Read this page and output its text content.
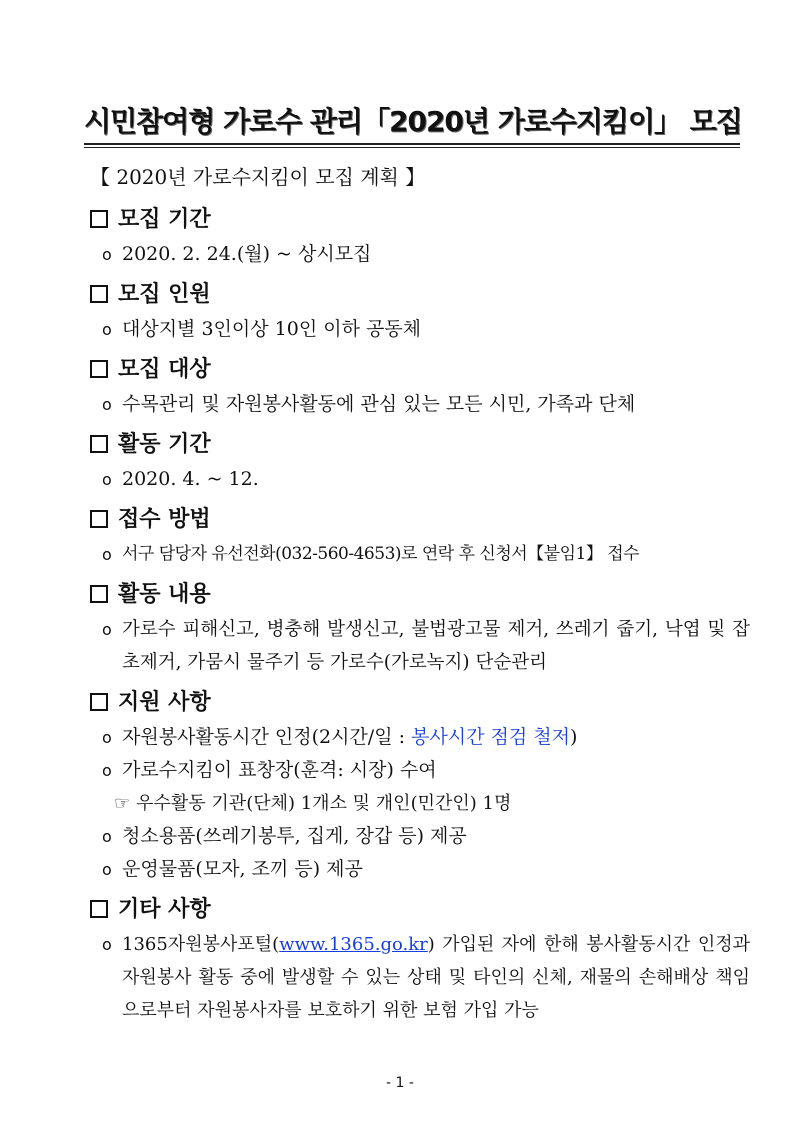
시민참여형 가로수 관리「2020년 가로수지킴이」 모집
【 2020년 가로수지킴이 모집 계획 】
모집 기간
o 2020. 2. 24.(월) ~ 상시모집
모집 인원
o 대상지별 3인이상 10인 이하 공동체
모집 대상
o 수목관리 및 자원봉사활동에 관심 있는 모든 시민, 가족과 단체
활동 기간
o 2020. 4. ~ 12.
접수 방법
o 서구 담당자 유선전화(032-560-4653)로 연락 후 신청서【붙임1】 접수
활동 내용
o 가로수 피해신고, 병충해 발생신고, 불법광고물 제거, 쓰레기 줍기, 낙엽 및 잡초제거, 가뭄시 물주기 등 가로수(가로녹지) 단순관리
지원 사항
o 자원봉사활동시간 인정(2시간/일 : 봉사시간 점검 철저)
o 가로수지킴이 표창장(훈격: 시장) 수여
☞ 우수활동 기관(단체) 1개소 및 개인(민간인) 1명
o 청소용품(쓰레기봉투, 집게, 장갑 등) 제공
o 운영물품(모자, 조끼 등) 제공
기타 사항
o 1365자원봉사포털(www.1365.go.kr) 가입된 자에 한해 봉사활동시간 인정과 자원봉사 활동 중에 발생할 수 있는 상태 및 타인의 신체, 재물의 손해배상 책임으로부터 자원봉사자를 보호하기 위한 보험 가입 가능
- 1 -
